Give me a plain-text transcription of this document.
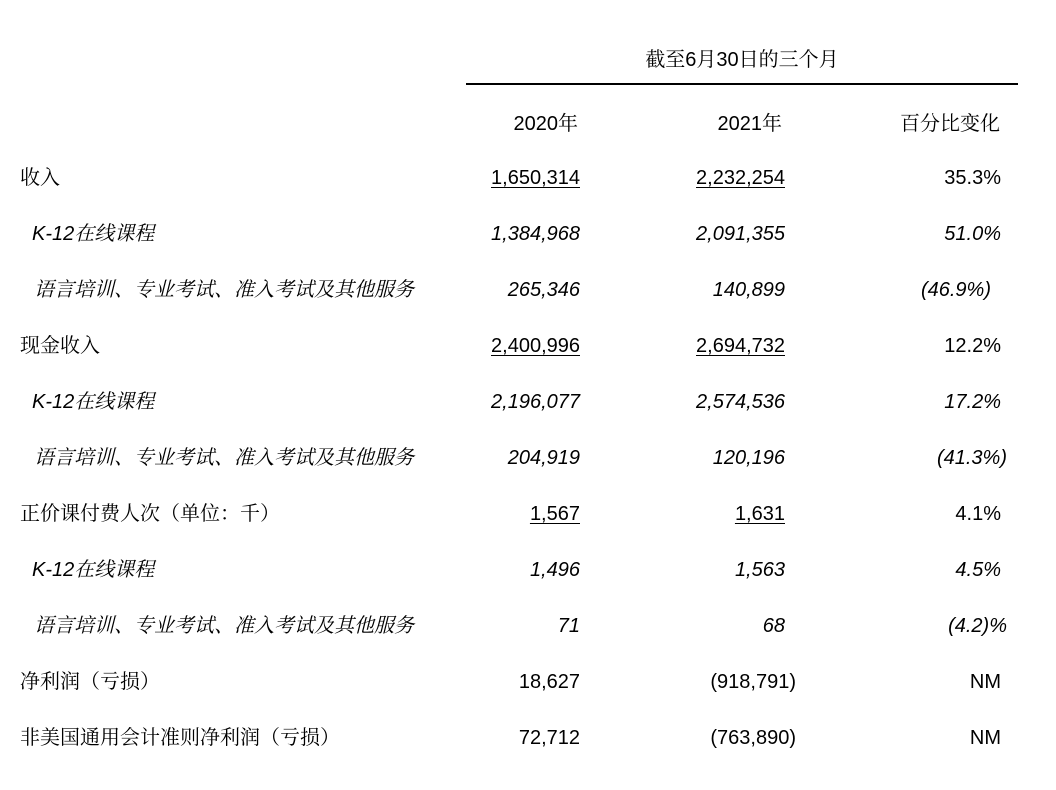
截至6月30日的三个月
2020年	2021年	百分比变化
收入	1,650,314	2,232,254	35.3%
K-12在线课程	1,384,968	2,091,355	51.0%
语言培训、专业考试、准入考试及其他服务	265,346	140,899	(46.9%)
现金收入	2,400,996	2,694,732	12.2%
K-12在线课程	2,196,077	2,574,536	17.2%
语言培训、专业考试、准入考试及其他服务	204,919	120,196	(41.3%)
正价课付费人次（单位：千）	1,567	1,631	4.1%
K-12在线课程	1,496	1,563	4.5%
语言培训、专业考试、准入考试及其他服务	71	68	(4.2)%
净利润（亏损）	18,627	(918,791)	NM
非美国通用会计准则净利润（亏损）	72,712	(763,890)	NM
